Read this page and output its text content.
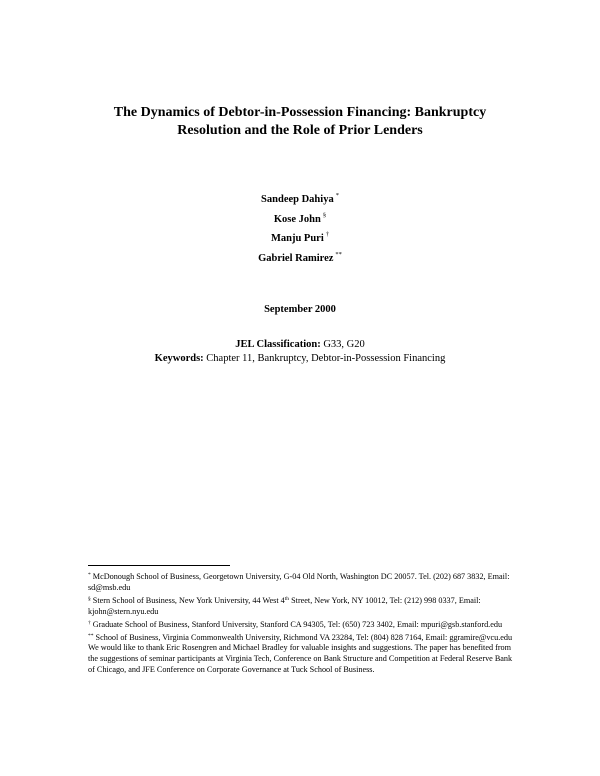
The Dynamics of Debtor-in-Possession Financing: Bankruptcy
Resolution and the Role of Prior Lenders
Sandeep Dahiya *
Kose John §
Manju Puri †
Gabriel Ramirez **
September 2000
JEL Classification: G33, G20
Keywords: Chapter 11, Bankruptcy, Debtor-in-Possession Financing

* McDonough School of Business, Georgetown University, G-04 Old North, Washington DC 20057. Tel. (202) 687 3832, Email: sd@msb.edu

§ Stern School of Business, New York University, 44 West 4th Street, New York, NY 10012, Tel: (212) 998 0337, Email: kjohn@stern.nyu.edu

† Graduate School of Business, Stanford University, Stanford CA 94305, Tel: (650) 723 3402, Email: mpuri@gsb.stanford.edu

** School of Business, Virginia Commonwealth University, Richmond VA 23284, Tel: (804) 828 7164, Email: ggramire@vcu.edu

We would like to thank Eric Rosengren and Michael Bradley for valuable insights and suggestions. The paper has benefited from the suggestions of seminar participants at Virginia Tech, Conference on Bank Structure and Competition at Federal Reserve Bank of Chicago, and JFE Conference on Corporate Governance at Tuck School of Business.
